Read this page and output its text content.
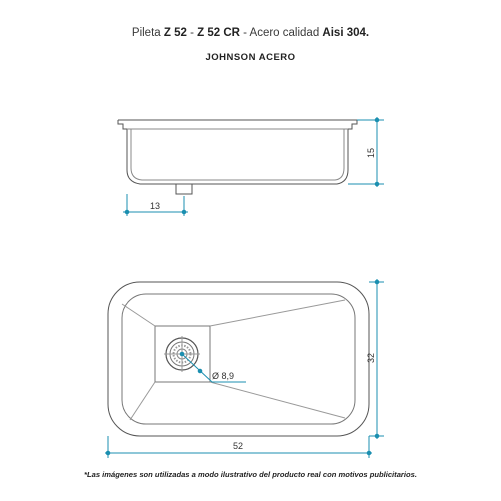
Pileta Z 52 - Z 52 CR - Acero calidad Aisi 304.
JOHNSON ACERO
15
13
Ø 8,9
32
52
*Las imágenes son utilizadas a modo ilustrativo del producto real con motivos publicitarios.
